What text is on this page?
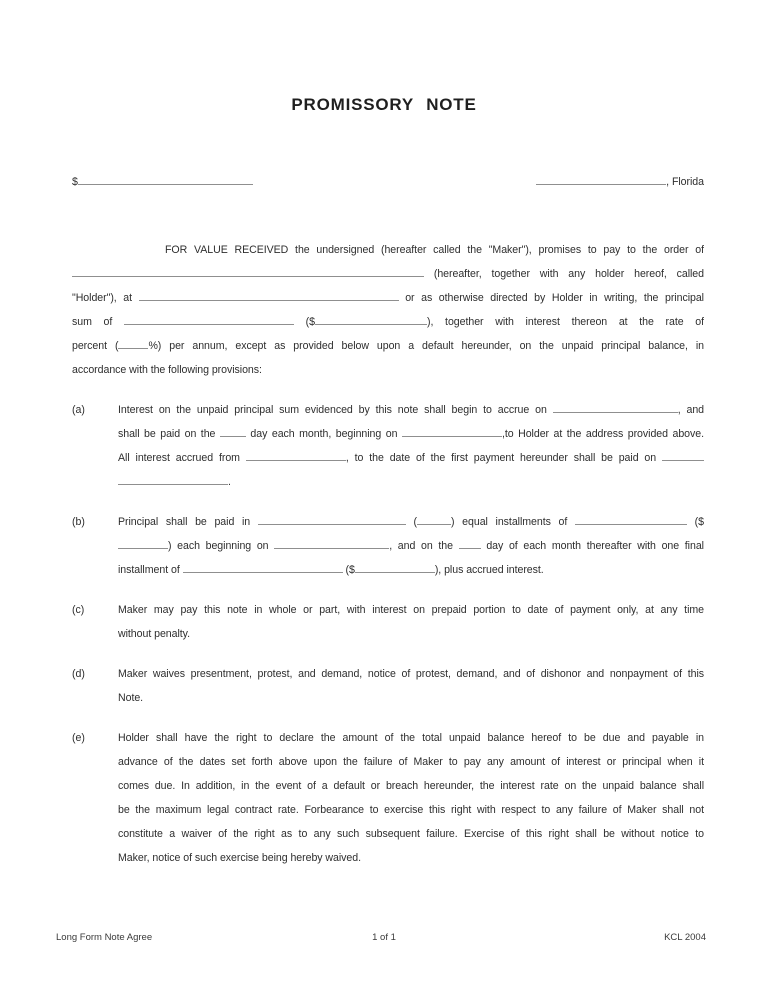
PROMISSORY NOTE
$	, Florida
FOR VALUE RECEIVED the undersigned (hereafter called the "Maker"), promises to pay to the order of
(hereafter, together with any holder hereof, called
"Holder"), at	or as otherwise directed by Holder in writing, the principal
sum of	($	), together with interest thereon at the rate of
percent (	%) per annum, except as provided below upon a default hereunder, on the unpaid principal balance, in
accordance with the following provisions:
(a)	Interest on the unpaid principal sum evidenced by this note shall begin to accrue on	, and
shall be paid on the  day each month, beginning on	,to Holder at the address provided above.
All interest accrued from	, to the date of the first payment hereunder shall be paid on
.
(b)	Principal shall be paid in	(	) equal installments of	($
) each beginning on	, and on the  day of each month thereafter with one final
installment of	($	), plus accrued interest.
(c)	Maker may pay this note in whole or part, with interest on prepaid portion to date of payment only, at any time
without penalty.
(d)	Maker waives presentment, protest, and demand, notice of protest, demand, and of dishonor and nonpayment of this
Note.
(e)	Holder shall have the right to declare the amount of the total unpaid balance hereof to be due and payable in
advance of the dates set forth above upon the failure of Maker to pay any amount of interest or principal when it
comes due. In addition, in the event of a default or breach hereunder, the interest rate on the unpaid balance shall
be the maximum legal contract rate. Forbearance to exercise this right with respect to any failure of Maker shall not
constitute a waiver of the right as to any such subsequent failure. Exercise of this right shall be without notice to
Maker, notice of such exercise being hereby waived.
Long Form Note Agree	1 of 1	KCL 2004
